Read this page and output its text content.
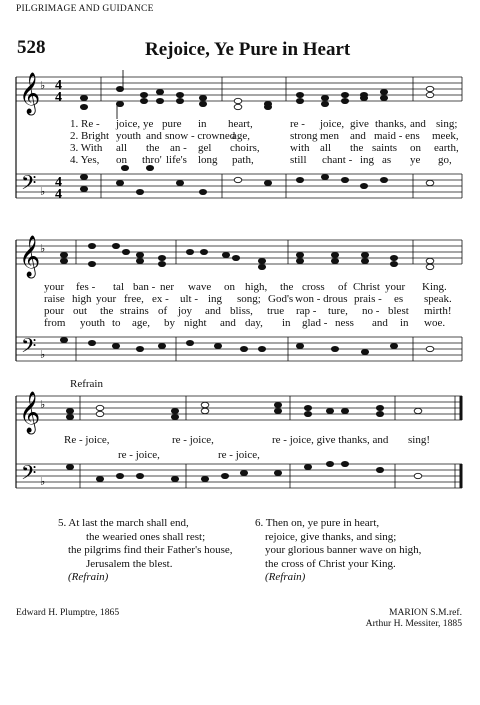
PILGRIMAGE AND GUIDANCE
528	Rejoice, Ye Pure in Heart
𝄞
𝄢
♭
♭
4
4
4
4
1. Re - joice, ye pure in heart,	re - joice, give thanks, and sing;
2. Bright youth and snow - crowned
age,	strong men and maid - ens meek,
3. With all the an - gel choirs,	with all the saints on earth,
4. Yes, on thro' life's long path,	still chant - ing as ye go,
𝄞
𝄢
♭
♭
your fes - tal ban - ner wave on high, the cross of Christ your King.
raise high your free, ex - ult - ing song; God's won - drous prais - es speak.
pour out the strains of joy and bliss, true rap - ture, no - blest mirth!
from youth to age, by night and day, in glad - ness and in woe.
Refrain
𝄞
𝄢
♭
♭
Re - joice,	re - joice,	re - joice, give thanks, and sing!
re - joice,	re - joice,
5. At last the march shall end,
the wearied ones shall rest;
the pilgrims find their Father's house,
Jerusalem the blest.
(Refrain)
6. Then on, ye pure in heart,
rejoice, give thanks, and sing;
your glorious banner wave on high,
the cross of Christ your King.
(Refrain)
Edward H. Plumptre, 1865	MARION S.M.ref.
Arthur H. Messiter, 1885
